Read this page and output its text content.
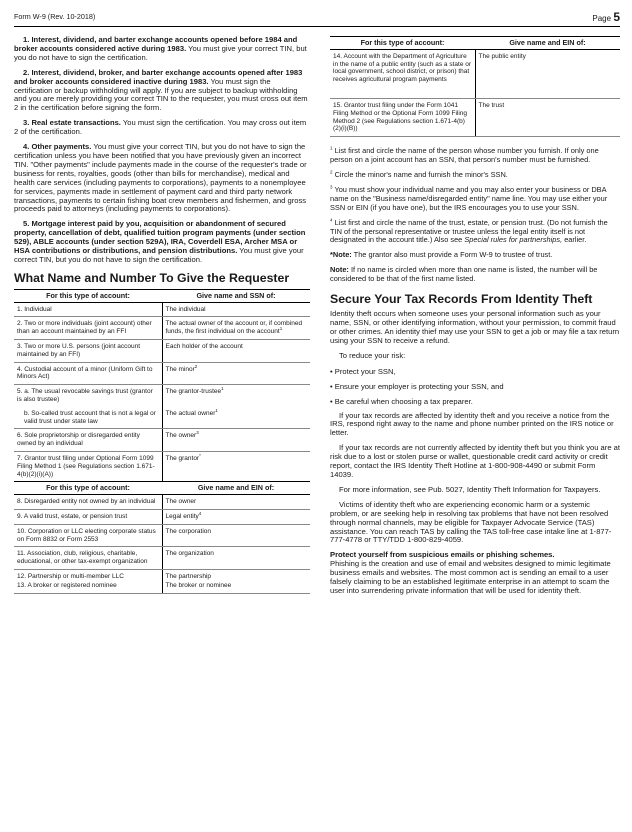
Form W-9 (Rev. 10-2018)	Page 5

1. Interest, dividend, and barter exchange accounts opened before 1984 and broker accounts considered active during 1983. You must give your correct TIN, but you do not have to sign the certification.

2. Interest, dividend, broker, and barter exchange accounts opened after 1983 and broker accounts considered inactive during 1983. You must sign the certification or backup withholding will apply. If you are subject to backup withholding and you are merely providing your correct TIN to the requester, you must cross out item 2 in the certification before signing the form.

3. Real estate transactions. You must sign the certification. You may cross out item 2 of the certification.

4. Other payments. You must give your correct TIN, but you do not have to sign the certification unless you have been notified that you have previously given an incorrect TIN. "Other payments" include payments made in the course of the requester's trade or business for rents, royalties, goods (other than bills for merchandise), medical and health care services (including payments to corporations), payments to a nonemployee for services, payments made in settlement of payment card and third party network transactions, payments to certain fishing boat crew members and fishermen, and gross proceeds paid to attorneys (including payments to corporations).

5. Mortgage interest paid by you, acquisition or abandonment of secured property, cancellation of debt, qualified tuition program payments (under section 529), ABLE accounts (under section 529A), IRA, Coverdell ESA, Archer MSA or HSA contributions or distributions, and pension distributions. You must give your correct TIN, but you do not have to sign the certification.

What Name and Number To Give the Requester
For this type of account:	Give name and SSN of:
1. Individual	The individual
2. Two or more individuals (joint account) other than an account maintained by an FFI	The actual owner of the account or, if combined funds, the first individual on the account$^1$
3. Two or more U.S. persons (joint account maintained by an FFI)	Each holder of the account
4. Custodial account of a minor (Uniform Gift to Minors Act)	The minor$^2$
5. a. The usual revocable savings trust (grantor is also trustee)	The grantor-trustee$^1$
b. So-called trust account that is not a legal or valid trust under state law	The actual owner$^1$
6. Sole proprietorship or disregarded entity owned by an individual	The owner$^3$
7. Grantor trust filing under Optional Form 1099 Filing Method 1 (see Regulations section 1.671-4(b)(2)(i)(A))	The grantor*
For this type of account:	Give name and EIN of:
8. Disregarded entity not owned by an individual	The owner
9. A valid trust, estate, or pension trust	Legal entity$^4$
10. Corporation or LLC electing corporate status on Form 8832 or Form 2553	The corporation
11. Association, club, religious, charitable, educational, or other tax-exempt organization	The organization
12. Partnership or multi-member LLC	The partnership
13. A broker or registered nominee	The broker or nominee
For this type of account:	Give name and EIN of:
14. Account with the Department of Agriculture in the name of a public entity (such as a state or local government, school district, or prison) that receives agricultural program payments	The public entity
15. Grantor trust filing under the Form 1041 Filing Method or the Optional Form 1099 Filing Method 2 (see Regulations section 1.671-4(b)(2)(i)(B))	The trust

$^1$ List first and circle the name of the person whose number you furnish. If only one person on a joint account has an SSN, that person's number must be furnished.

$^2$ Circle the minor's name and furnish the minor's SSN.

$^3$ You must show your individual name and you may also enter your business or DBA name on the "Business name/disregarded entity" name line. You may use either your SSN or EIN (if you have one), but the IRS encourages you to use your SSN.

$^4$ List first and circle the name of the trust, estate, or pension trust. (Do not furnish the TIN of the personal representative or trustee unless the legal entity itself is not designated in the account title.) Also see Special rules for partnerships, earlier.

*Note: The grantor also must provide a Form W-9 to trustee of trust.

Note: If no name is circled when more than one name is listed, the number will be considered to be that of the first name listed.

Secure Your Tax Records From Identity Theft

Identity theft occurs when someone uses your personal information such as your name, SSN, or other identifying information, without your permission, to commit fraud or other crimes. An identity thief may use your SSN to get a job or may file a tax return using your SSN to receive a refund.

To reduce your risk:

• Protect your SSN,
• Ensure your employer is protecting your SSN, and
• Be careful when choosing a tax preparer.

If your tax records are affected by identity theft and you receive a notice from the IRS, respond right away to the name and phone number printed on the IRS notice or letter.

If your tax records are not currently affected by identity theft but you think you are at risk due to a lost or stolen purse or wallet, questionable credit card activity or credit report, contact the IRS Identity Theft Hotline at 1-800-908-4490 or submit Form 14039.

For more information, see Pub. 5027, Identity Theft Information for Taxpayers.

Victims of identity theft who are experiencing economic harm or a systemic problem, or are seeking help in resolving tax problems that have not been resolved through normal channels, may be eligible for Taxpayer Advocate Service (TAS) assistance. You can reach TAS by calling the TAS toll-free case intake line at 1-877-777-4778 or TTY/TDD 1-800-829-4059.

Protect yourself from suspicious emails or phishing schemes.
Phishing is the creation and use of email and websites designed to mimic legitimate business emails and websites. The most common act is sending an email to a user falsely claiming to be an established legitimate enterprise in an attempt to scam the user into surrendering private information that will be used for identity theft.
